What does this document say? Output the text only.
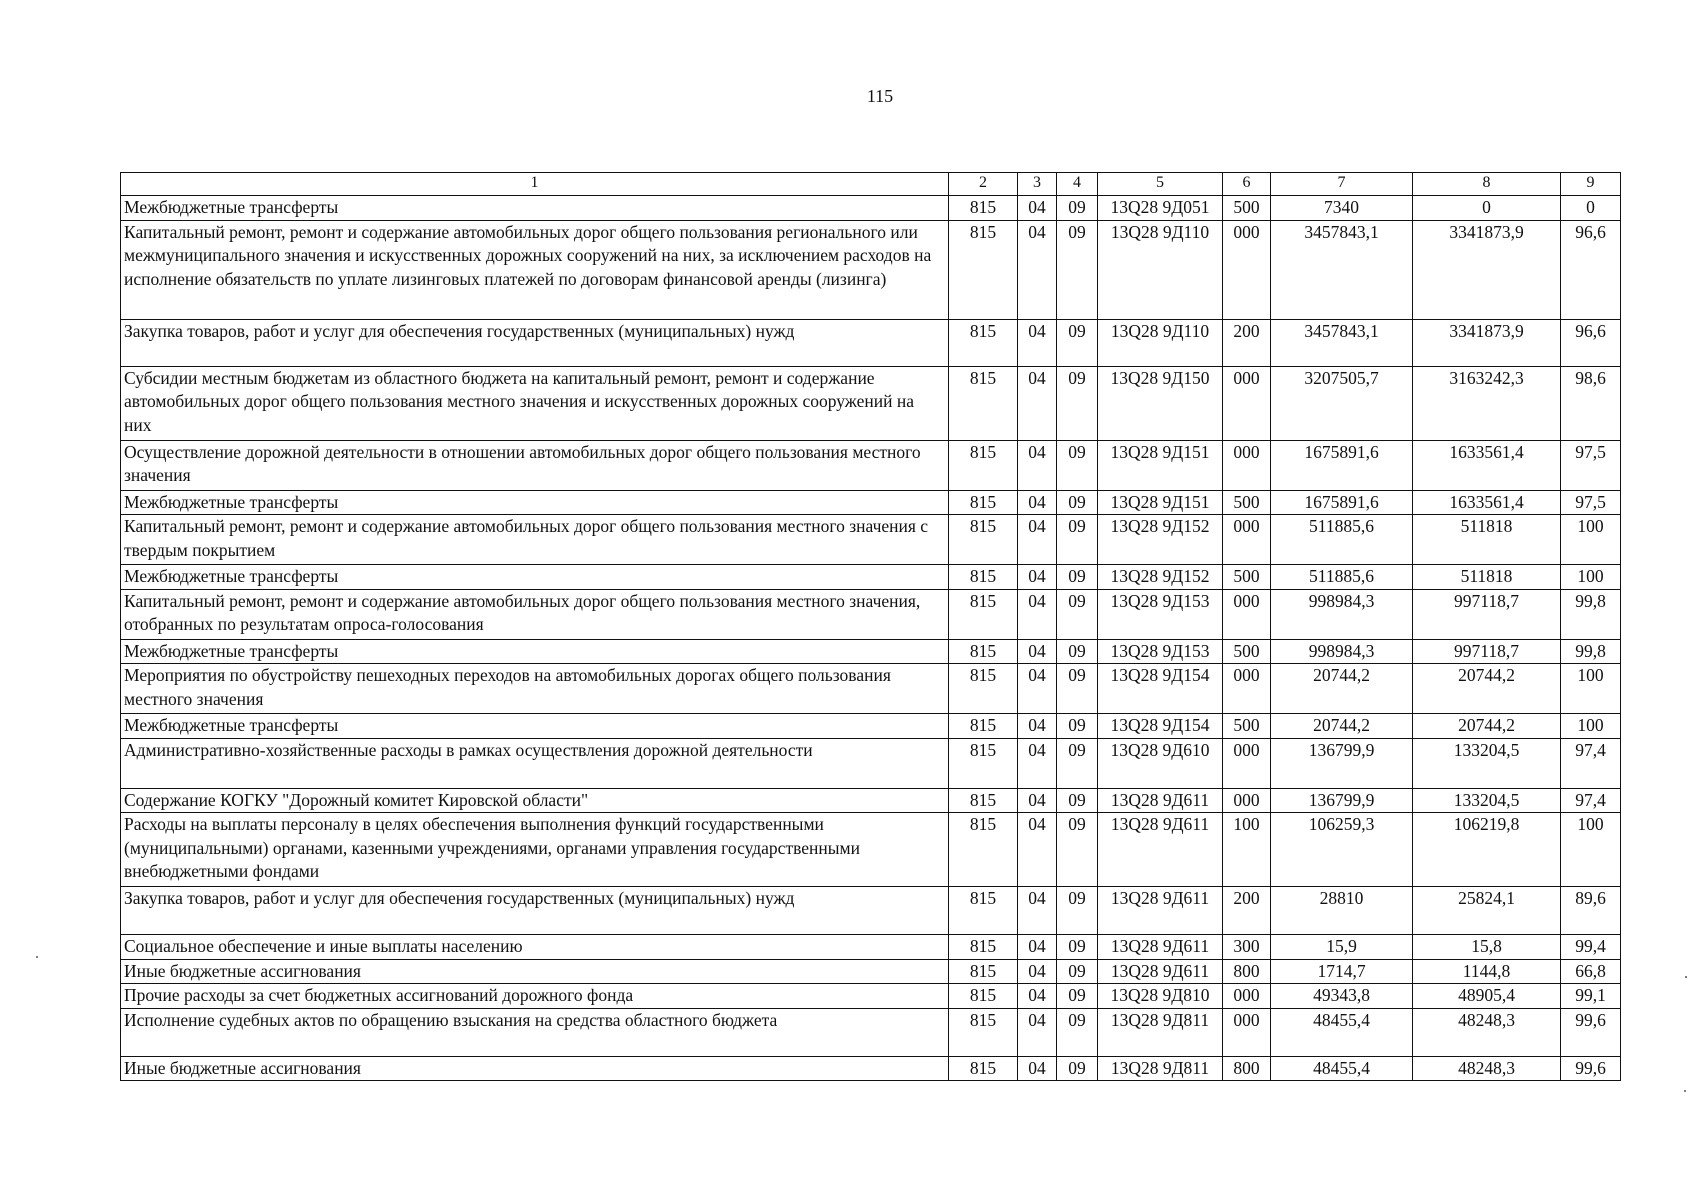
115
1	2	3	4	5	6	7	8	9
Межбюджетные трансферты	815	04	09	13Q28 9Д051	500	7340	0	0
Капитальный ремонт, ремонт и содержание автомобильных дорог общего пользования регионального или межмуниципального значения и искусственных дорожных сооружений на них, за исключением расходов на исполнение обязательств по уплате лизинговых платежей по договорам финансовой аренды (лизинга)	815	04	09	13Q28 9Д110	000	3457843,1	3341873,9	96,6
Закупка товаров, работ и услуг для обеспечения государственных (муниципальных) нужд	815	04	09	13Q28 9Д110	200	3457843,1	3341873,9	96,6
Субсидии местным бюджетам из областного бюджета на капитальный ремонт, ремонт и содержание автомобильных дорог общего пользования местного значения и искусственных дорожных сооружений на них	815	04	09	13Q28 9Д150	000	3207505,7	3163242,3	98,6
Осуществление дорожной деятельности в отношении автомобильных дорог общего пользования местного значения	815	04	09	13Q28 9Д151	000	1675891,6	1633561,4	97,5
Межбюджетные трансферты	815	04	09	13Q28 9Д151	500	1675891,6	1633561,4	97,5
Капитальный ремонт, ремонт и содержание автомобильных дорог общего пользования местного значения с твердым покрытием	815	04	09	13Q28 9Д152	000	511885,6	511818	100
Межбюджетные трансферты	815	04	09	13Q28 9Д152	500	511885,6	511818	100
Капитальный ремонт, ремонт и содержание автомобильных дорог общего пользования местного значения, отобранных по результатам опроса-голосования	815	04	09	13Q28 9Д153	000	998984,3	997118,7	99,8
Межбюджетные трансферты	815	04	09	13Q28 9Д153	500	998984,3	997118,7	99,8
Мероприятия по обустройству пешеходных переходов на автомобильных дорогах общего пользования местного значения	815	04	09	13Q28 9Д154	000	20744,2	20744,2	100
Межбюджетные трансферты	815	04	09	13Q28 9Д154	500	20744,2	20744,2	100
Административно-хозяйственные расходы в рамках осуществления дорожной деятельности	815	04	09	13Q28 9Д610	000	136799,9	133204,5	97,4
Содержание КОГКУ "Дорожный комитет Кировской области"	815	04	09	13Q28 9Д611	000	136799,9	133204,5	97,4
Расходы на выплаты персоналу в целях обеспечения выполнения функций государственными (муниципальными) органами, казенными учреждениями, органами управления государственными внебюджетными фондами	815	04	09	13Q28 9Д611	100	106259,3	106219,8	100
Закупка товаров, работ и услуг для обеспечения государственных (муниципальных) нужд	815	04	09	13Q28 9Д611	200	28810	25824,1	89,6
Социальное обеспечение и иные выплаты населению	815	04	09	13Q28 9Д611	300	15,9	15,8	99,4
Иные бюджетные ассигнования	815	04	09	13Q28 9Д611	800	1714,7	1144,8	66,8
Прочие расходы за счет бюджетных ассигнований дорожного фонда	815	04	09	13Q28 9Д810	000	49343,8	48905,4	99,1
Исполнение судебных актов по обращению взыскания на средства областного бюджета	815	04	09	13Q28 9Д811	000	48455,4	48248,3	99,6
Иные бюджетные ассигнования	815	04	09	13Q28 9Д811	800	48455,4	48248,3	99,6
